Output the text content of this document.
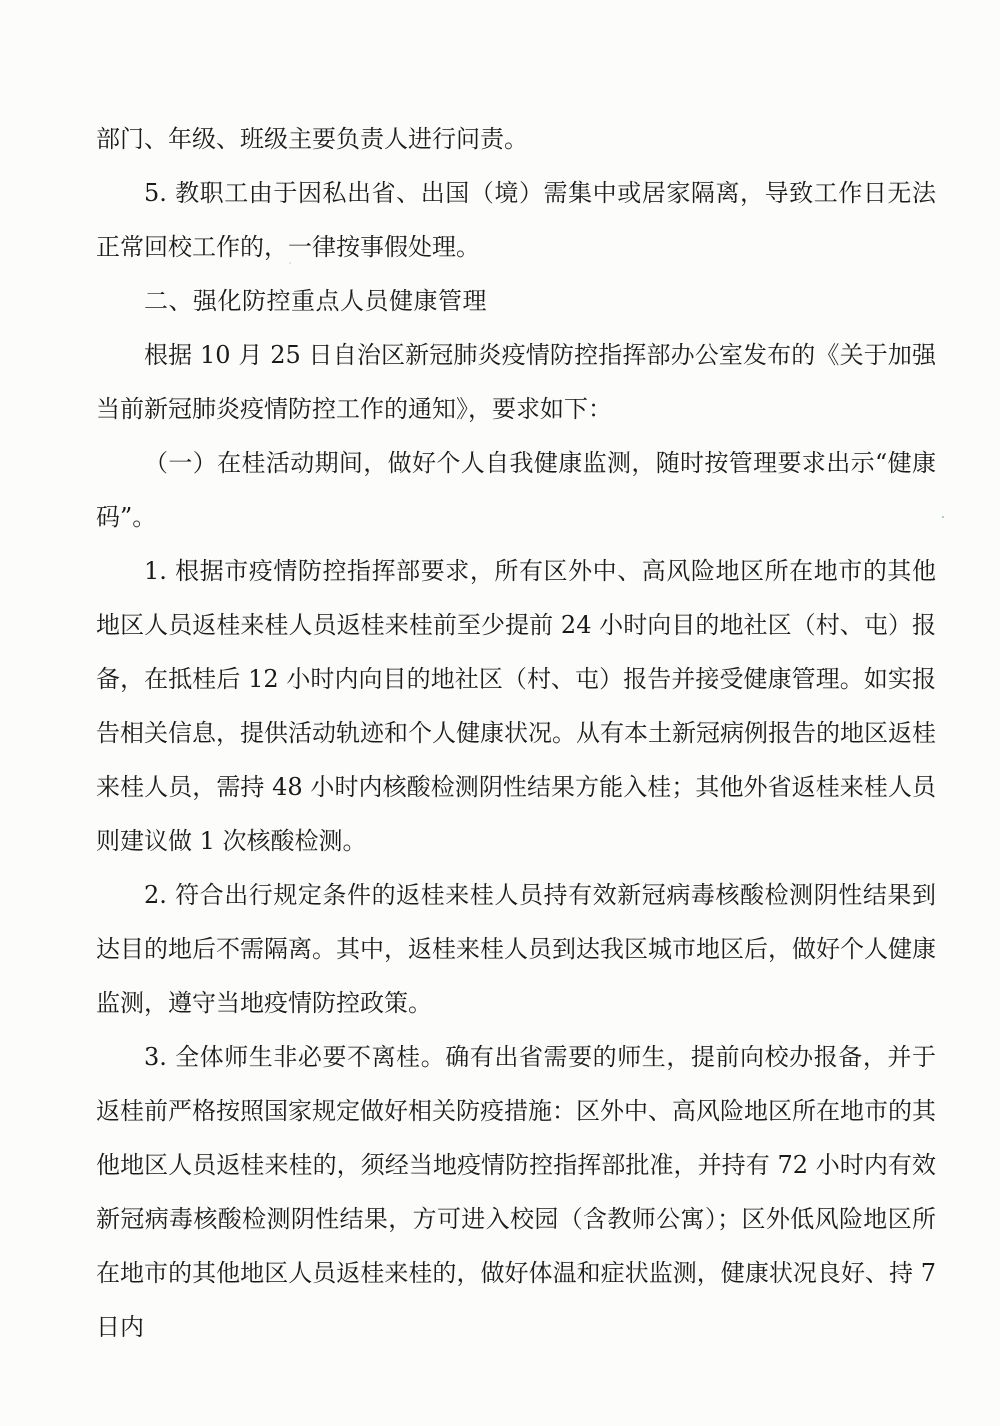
部门、年级、班级主要负责人进行问责。

5. 教职工由于因私出省、出国（境）需集中或居家隔离，导致工作日无法正常回校工作的，一律按事假处理。

二、强化防控重点人员健康管理

根据 10 月 25 日自治区新冠肺炎疫情防控指挥部办公室发布的《关于加强当前新冠肺炎疫情防控工作的通知》，要求如下：

（一）在桂活动期间，做好个人自我健康监测，随时按管理要求出示“健康码”。

1. 根据市疫情防控指挥部要求，所有区外中、高风险地区所在地市的其他地区人员返桂来桂人员返桂来桂前至少提前 24 小时向目的地社区（村、屯）报备，在抵桂后 12 小时内向目的地社区（村、屯）报告并接受健康管理。如实报告相关信息，提供活动轨迹和个人健康状况。从有本土新冠病例报告的地区返桂来桂人员，需持 48 小时内核酸检测阴性结果方能入桂；其他外省返桂来桂人员则建议做 1 次核酸检测。

2. 符合出行规定条件的返桂来桂人员持有效新冠病毒核酸检测阴性结果到达目的地后不需隔离。其中，返桂来桂人员到达我区城市地区后，做好个人健康监测，遵守当地疫情防控政策。

3. 全体师生非必要不离桂。确有出省需要的师生，提前向校办报备，并于返桂前严格按照国家规定做好相关防疫措施：区外中、高风险地区所在地市的其他地区人员返桂来桂的，须经当地疫情防控指挥部批准，并持有 72 小时内有效新冠病毒核酸检测阴性结果，方可进入校园（含教师公寓）；区外低风险地区所在地市的其他地区人员返桂来桂的，做好体温和症状监测，健康状况良好、持 7 日内
